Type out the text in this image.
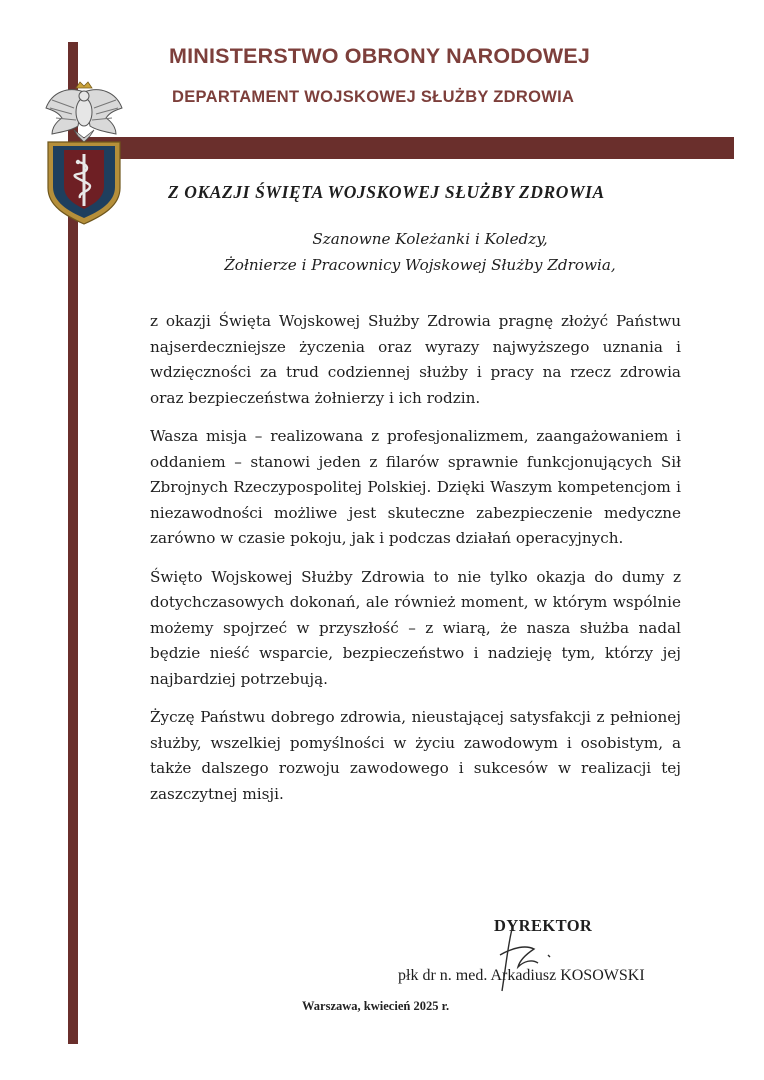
MINISTERSTWO OBRONY NARODOWEJ
DEPARTAMENT WOJSKOWEJ SŁUŻBY ZDROWIA
Z OKAZJI ŚWIĘTA WOJSKOWEJ SŁUŻBY ZDROWIA
Szanowne Koleżanki i Koledzy,
Żołnierze i Pracownicy Wojskowej Służby Zdrowia,

z okazji Święta Wojskowej Służby Zdrowia pragnę złożyć Państwu najserdeczniejsze życzenia oraz wyrazy najwyższego uznania i wdzięczności za trud codziennej służby i pracy na rzecz zdrowia oraz bezpieczeństwa żołnierzy i ich rodzin.

Wasza misja – realizowana z profesjonalizmem, zaangażowaniem i oddaniem – stanowi jeden z filarów sprawnie funkcjonujących Sił Zbrojnych Rzeczypospolitej Polskiej. Dzięki Waszym kompetencjom i niezawodności możliwe jest skuteczne zabezpieczenie medyczne zarówno w czasie pokoju, jak i podczas działań operacyjnych.

Święto Wojskowej Służby Zdrowia to nie tylko okazja do dumy z dotychczasowych dokonań, ale również moment, w którym wspólnie możemy spojrzeć w przyszłość – z wiarą, że nasza służba nadal będzie nieść wsparcie, bezpieczeństwo i nadzieję tym, którzy jej najbardziej potrzebują.

Życzę Państwu dobrego zdrowia, nieustającej satysfakcji z pełnionej służby, wszelkiej pomyślności w życiu zawodowym i osobistym, a także dalszego rozwoju zawodowego i sukcesów w realizacji tej zaszczytnej misji.

DYREKTOR
płk dr n. med. Arkadiusz KOSOWSKI
Warszawa, kwiecień 2025 r.
